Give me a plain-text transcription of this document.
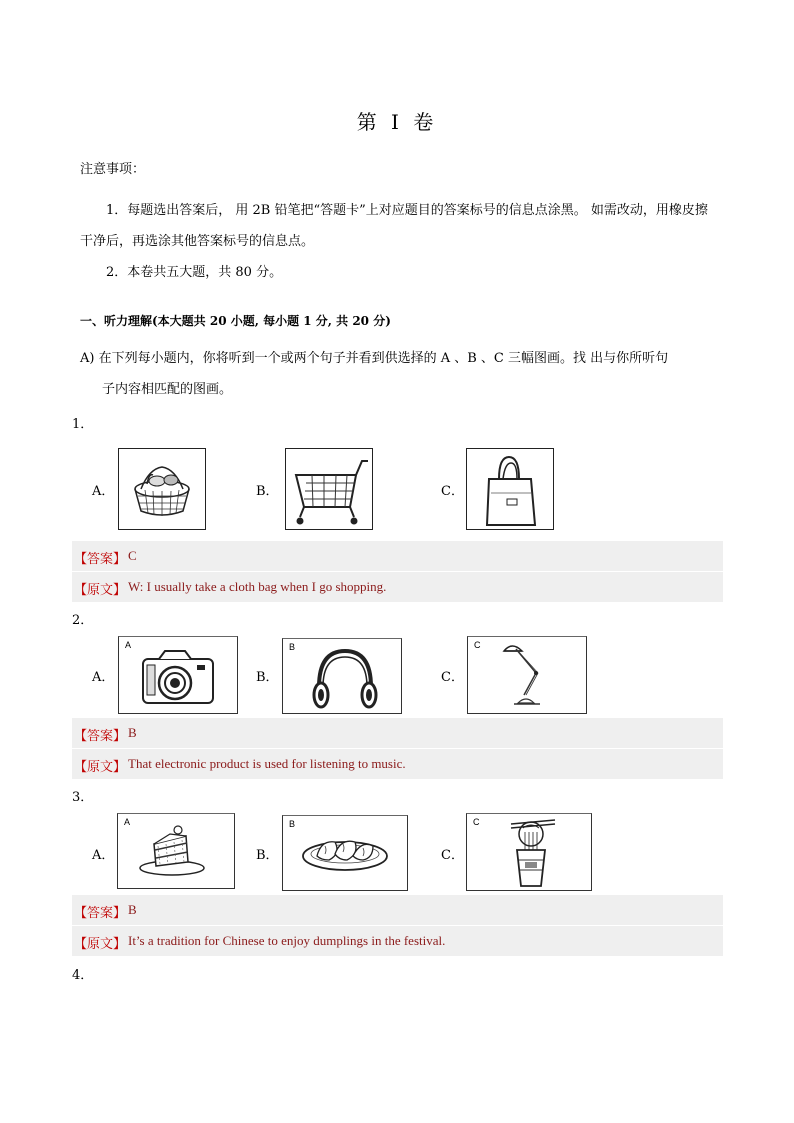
第 I 卷
注意事项：
1．每题选出答案后， 用 2B 铅笔把“答题卡”上对应题目的答案标号的信息点涂黑。 如需改动，用橡皮擦
干净后，再选涂其他答案标号的信息点。
2．本卷共五大题，共 80 分。
一、听力理解(本大题共 20 小题, 每小题 1 分, 共 20 分)
A) 在下列每小题内，你将听到一个或两个句子并看到供选择的 A 、B 、C 三幅图画。找 出与你所听句
子内容相匹配的图画。
1．
A．	B．	C．
【答案】 C
【原文】 W: I usually take a cloth bag when I go shopping.
2．
A．	B．	C．
A	B	C
【答案】 B
【原文】 That electronic product is used for listening to music.
3．
A．	B．	C．
A	B	C
【答案】 B
【原文】 It’s a tradition for Chinese to enjoy dumplings in the festival.
4．
